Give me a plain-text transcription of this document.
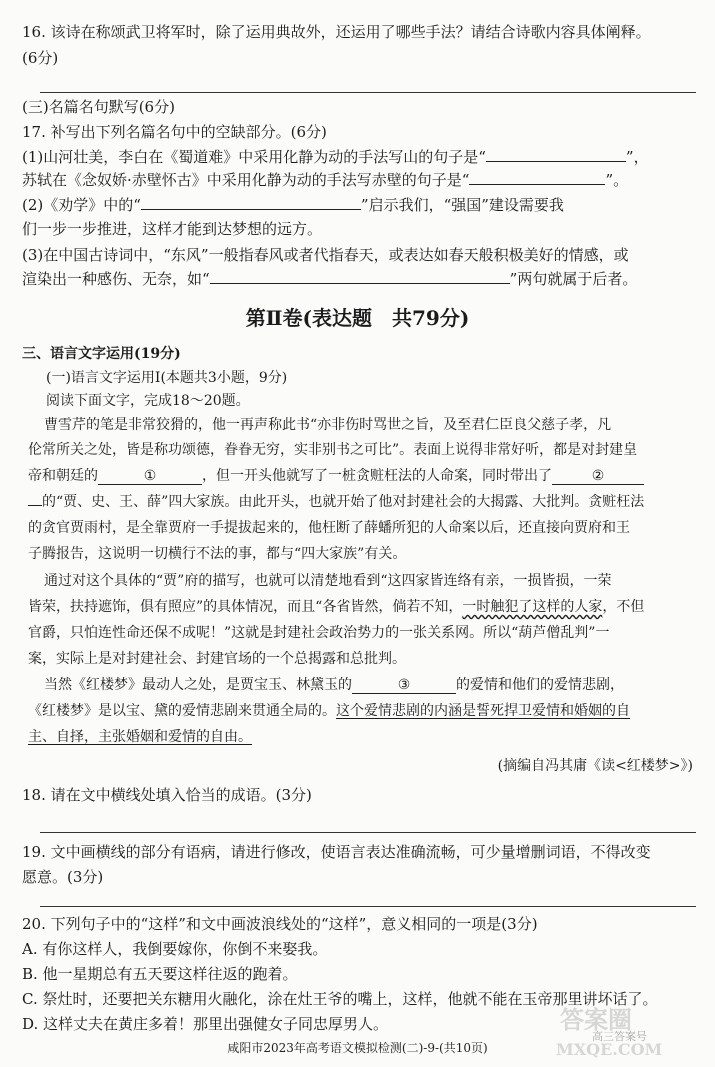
16. 该诗在称颂武卫将军时，除了运用典故外，还运用了哪些手法？请结合诗歌内容具体阐释。
(6分)
(三)名篇名句默写(6分)
17. 补写出下列名篇名句中的空缺部分。(6分)
(1)山河壮美，李白在《蜀道难》中采用化静为动的手法写山的句子是“	”，
苏轼在《念奴娇·赤壁怀古》中采用化静为动的手法写赤壁的句子是“	”。
(2)《劝学》中的“	”启示我们，“强国”建设需要我
们一步一步推进，这样才能到达梦想的远方。
(3)在中国古诗词中，“东风”一般指春风或者代指春天，或表达如春天般积极美好的情感，或
渲染出一种感伤、无奈，如“	”两句就属于后者。
第Ⅱ卷(表达题　共79分)
三、语言文字运用(19分)
(一)语言文字运用Ⅰ(本题共3小题，9分)
阅读下面文字，完成18～20题。
曹雪芹的笔是非常狡猾的，他一再声称此书“亦非伤时骂世之旨，及至君仁臣良父慈子孝，凡
伦常所关之处，皆是称功颂德，眷眷无穷，实非别书之可比”。表面上说得非常好听，都是对封建皇
帝和朝廷的	①	，但一开头他就写了一桩贪赃枉法的人命案，同时带出了	②
的“贾、史、王、薛”四大家族。由此开头，也就开始了他对封建社会的大揭露、大批判。贪赃枉法
的贪官贾雨村，是全靠贾府一手提拔起来的，他枉断了薛蟠所犯的人命案以后，还直接向贾府和王
子腾报告，这说明一切横行不法的事，都与“四大家族”有关。
通过对这个具体的“贾”府的描写，也就可以清楚地看到“这四家皆连络有亲，一损皆损，一荣
皆荣，扶持遮饰，俱有照应”的具体情况，而且“各省皆然，倘若不知，一时触犯了这样的人家，不但
官爵，只怕连性命还保不成呢！”这就是封建社会政治势力的一张关系网。所以“葫芦僧乱判”一
案，实际上是对封建社会、封建官场的一个总揭露和总批判。
当然《红楼梦》最动人之处，是贾宝玉、林黛玉的	③	的爱情和他们的爱情悲剧，
《红楼梦》是以宝、黛的爱情悲剧来贯通全局的。这个爱情悲剧的内涵是誓死捍卫爱情和婚姻的自
主、自择，主张婚姻和爱情的自由。
(摘编自冯其庸《读<红楼梦>》)
18. 请在文中横线处填入恰当的成语。(3分)
19. 文中画横线的部分有语病，请进行修改，使语言表达准确流畅，可少量增删词语，不得改变
愿意。(3分)
20. 下列句子中的“这样”和文中画波浪线处的“这样”，意义相同的一项是(3分)
A. 有你这样人，我倒要嫁你，你倒不来娶我。
B. 他一星期总有五天要这样往返的跑着。
C. 祭灶时，还要把关东糖用火融化，涂在灶王爷的嘴上，这样，他就不能在玉帝那里讲坏话了。
D. 这样丈夫在黄庄多着！那里出强健女子同忠厚男人。
咸阳市2023年高考语文模拟检测(二)-9-(共10页)
答案圈
MXQE.COM
高三答案号
